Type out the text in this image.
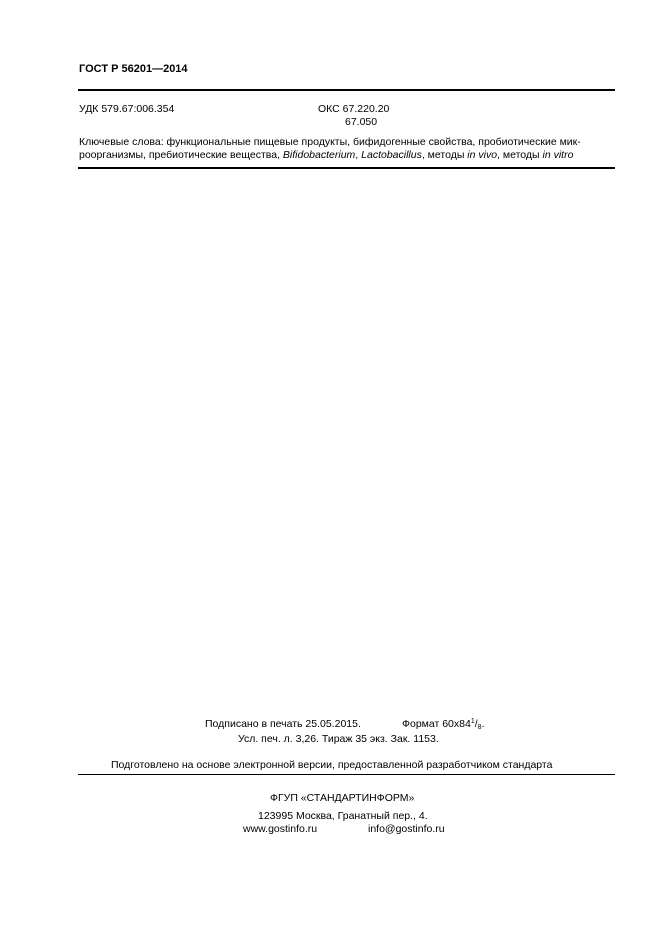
ГОСТ Р 56201—2014
УДК 579.67:006.354	ОКС 67.220.20
67.050
Ключевые слова: функциональные пищевые продукты, бифидогенные свойства, пробиотические мик-
роорганизмы, пребиотические вещества, Bifidobacterium, Lactobacillus, методы in vivo, методы in vitro
Подписано в печать 25.05.2015.	Формат $60х84^1/_8$.
Усл. печ. л. 3,26. Тираж 35 экз. Зак. 1153.
Подготовлено на основе электронной версии, предоставленной разработчиком стандарта
ФГУП «СТАНДАРТИНФОРМ»
123995 Москва, Гранатный пер., 4.
www.gostinfo.ru	info@gostinfo.ru
